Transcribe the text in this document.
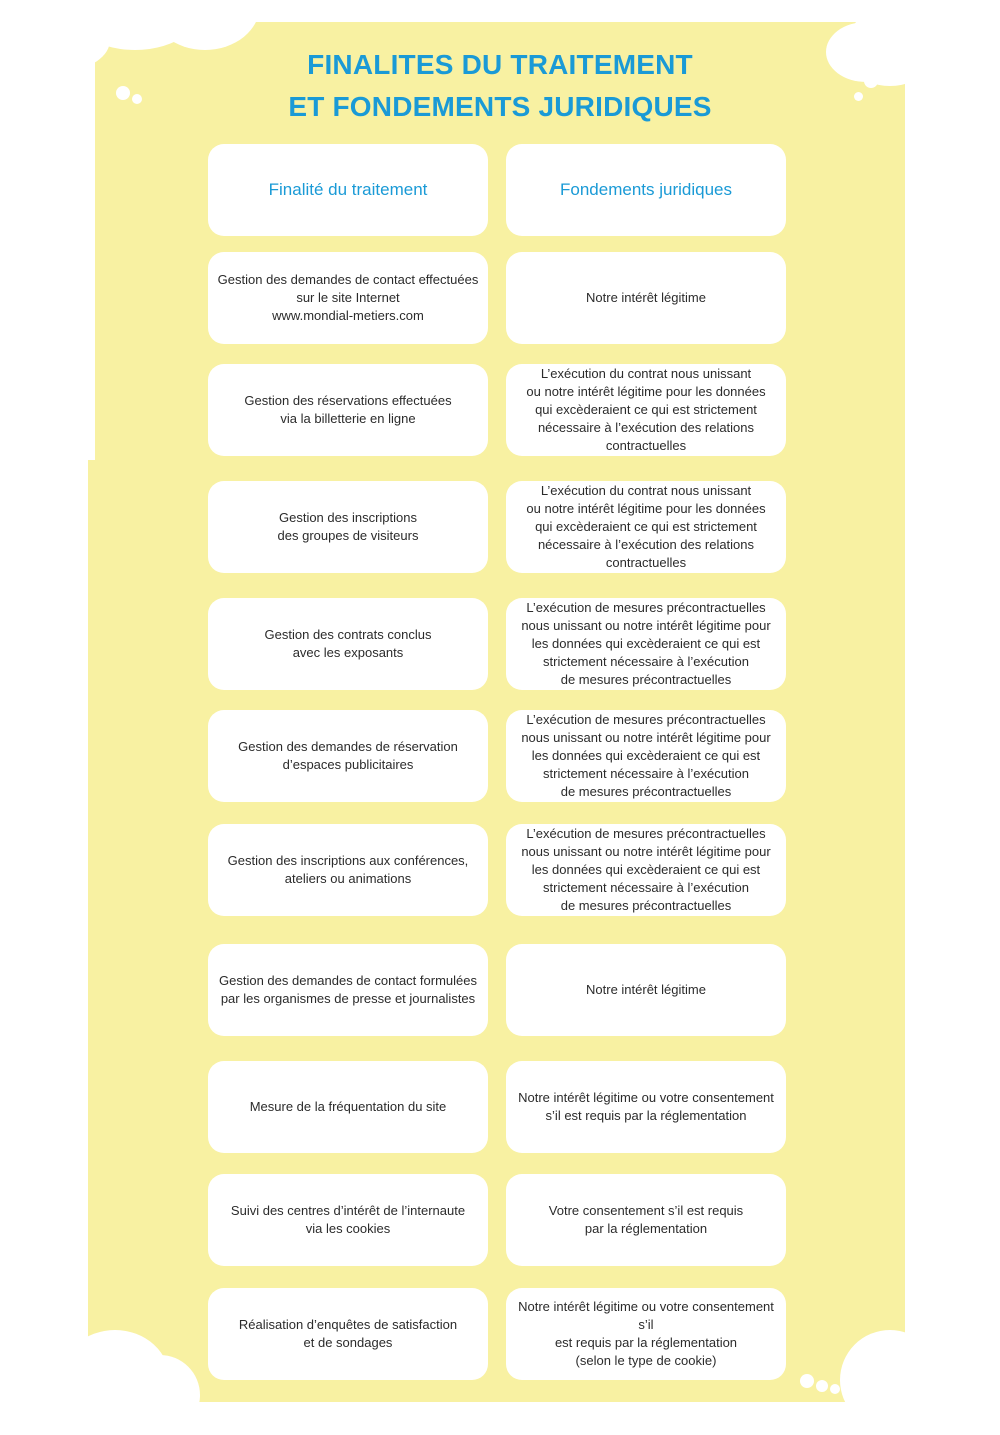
FINALITES DU TRAITEMENT
ET FONDEMENTS JURIDIQUES
Finalité du traitement	Fondements juridiques
Gestion des demandes de contact effectuées
sur le site Internet
www.mondial-metiers.com
Notre intérêt légitime
Gestion des réservations effectuées
via la billetterie en ligne
L’exécution du contrat nous unissant
ou notre intérêt légitime pour les données
qui excèderaient ce qui est strictement
nécessaire à l’exécution des relations
contractuelles
Gestion des inscriptions
des groupes de visiteurs
L’exécution du contrat nous unissant
ou notre intérêt légitime pour les données
qui excèderaient ce qui est strictement
nécessaire à l’exécution des relations
contractuelles
Gestion des contrats conclus
avec les exposants
L’exécution de mesures précontractuelles
nous unissant ou notre intérêt légitime pour
les données qui excèderaient ce qui est
strictement nécessaire à l’exécution
de mesures précontractuelles
Gestion des demandes de réservation
d’espaces publicitaires
L’exécution de mesures précontractuelles
nous unissant ou notre intérêt légitime pour
les données qui excèderaient ce qui est
strictement nécessaire à l’exécution
de mesures précontractuelles
Gestion des inscriptions aux conférences,
ateliers ou animations
L’exécution de mesures précontractuelles
nous unissant ou notre intérêt légitime pour
les données qui excèderaient ce qui est
strictement nécessaire à l’exécution
de mesures précontractuelles
Gestion des demandes de contact formulées
par les organismes de presse et journalistes
Notre intérêt légitime
Mesure de la fréquentation du site
Notre intérêt légitime ou votre consentement
s’il est requis par la réglementation
Suivi des centres d’intérêt de l’internaute
via les cookies
Votre consentement s’il est requis
par la réglementation
Réalisation d’enquêtes de satisfaction
et de sondages
Notre intérêt légitime ou votre consentement s’il
est requis par la réglementation
(selon le type de cookie)
